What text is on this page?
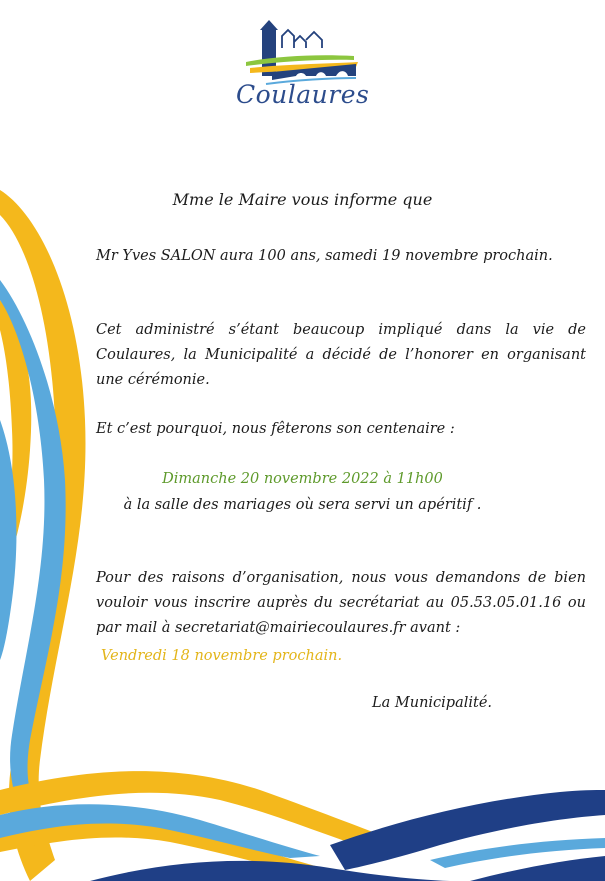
Coulaures
Mme le Maire vous informe que
Mr Yves SALON aura 100 ans, samedi 19 novembre prochain.
Cet administré s’étant beaucoup impliqué dans la vie de Coulaures, la Municipalité a décidé de l’honorer en organisant une cérémonie.
Et c’est pourquoi, nous fêterons son centenaire :
Dimanche 20 novembre 2022 à 11h00
à la salle des mariages où sera servi un apéritif .
Pour des raisons d’organisation, nous vous demandons de bien vouloir vous inscrire auprès du secrétariat au 05.53.05.01.16 ou par mail à secretariat@mairiecoulaures.fr avant :
Vendredi 18 novembre prochain.
La Municipalité.
